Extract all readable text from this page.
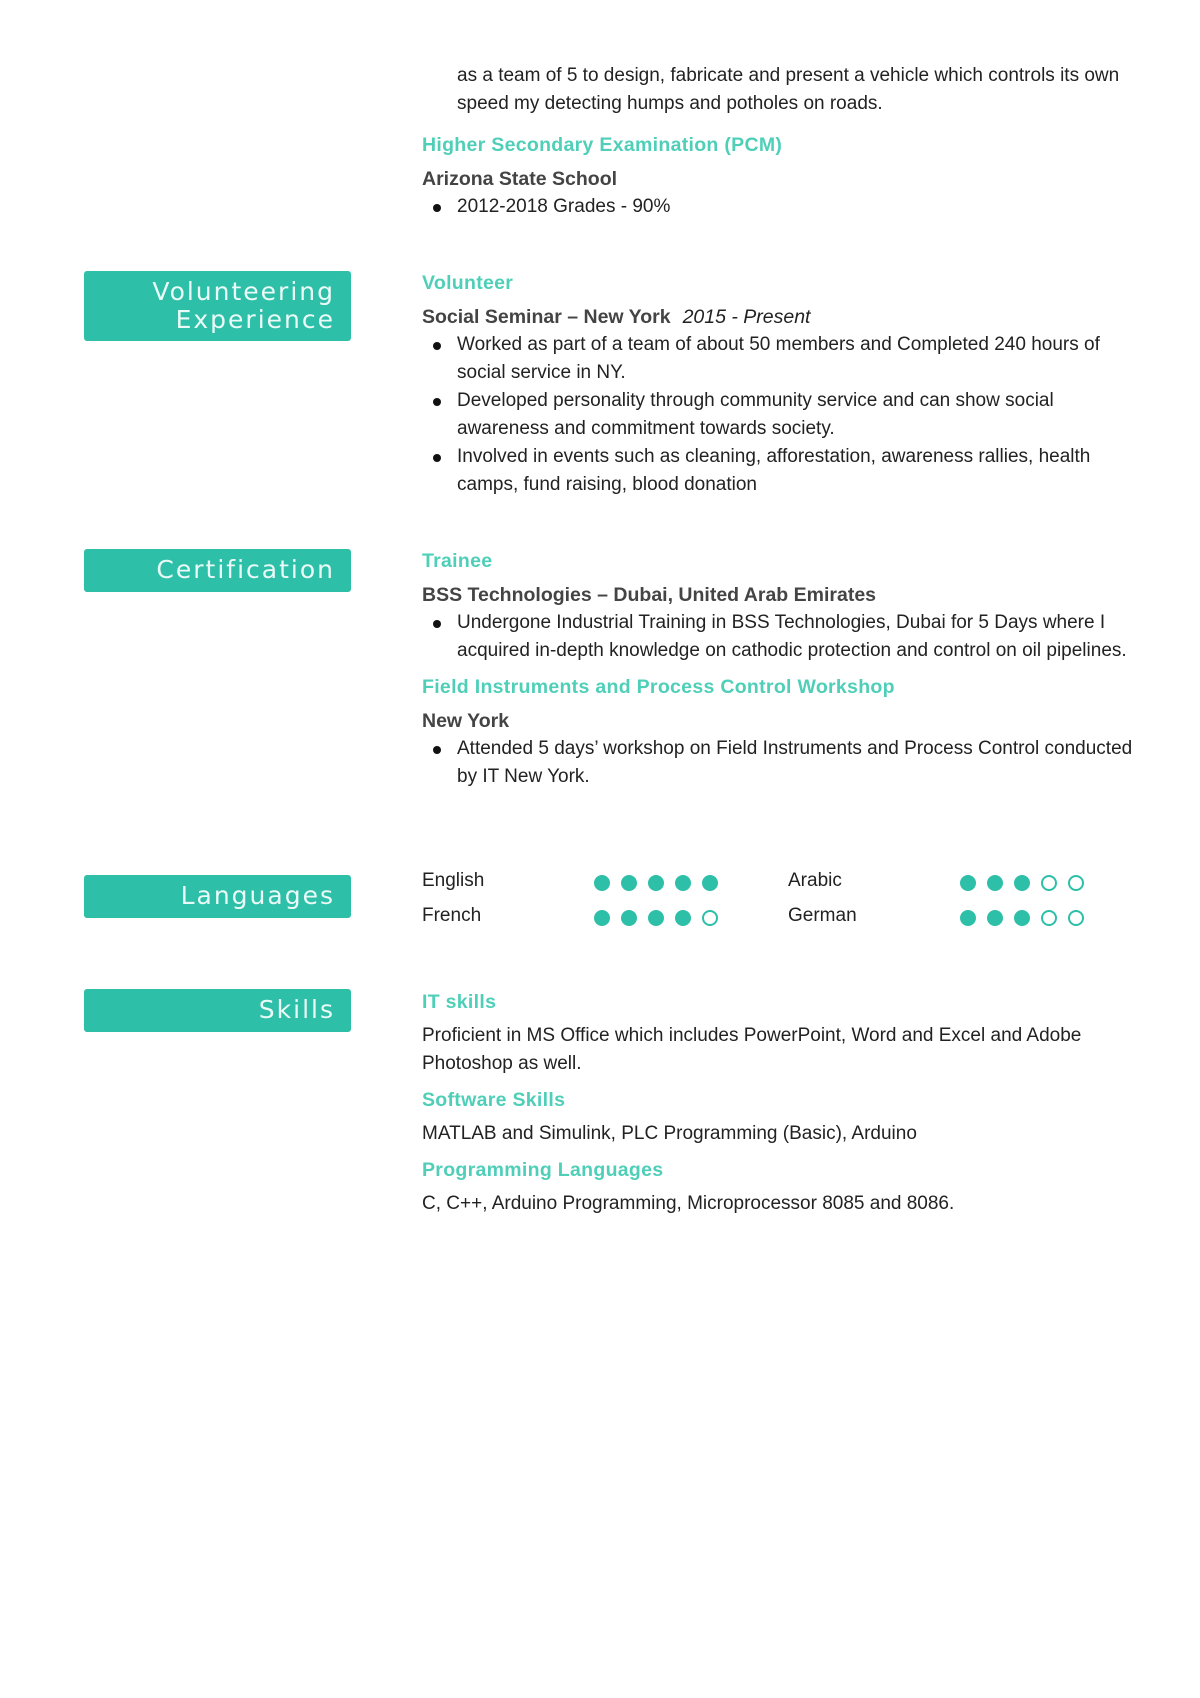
as a team of 5 to design, fabricate and present a vehicle which controls its own speed my detecting humps and potholes on roads.
Higher Secondary Examination (PCM)
Arizona State School
2012-2018 Grades - 90%
Volunteering Experience
Volunteer
Social Seminar – New York 2015 - Present
Worked as part of a team of about 50 members and Completed 240 hours of social service in NY.
Developed personality through community service and can show social awareness and commitment towards society.
Involved in events such as cleaning, afforestation, awareness rallies, health camps, fund raising, blood donation
Certification	Trainee
BSS Technologies – Dubai, United Arab Emirates
Undergone Industrial Training in BSS Technologies, Dubai for 5 Days where I acquired in-depth knowledge on cathodic protection and control on oil pipelines.
Field Instruments and Process Control Workshop
New York
Attended 5 days’ workshop on Field Instruments and Process Control conducted by IT New York.
Languages
English	Arabic
French	German
Skills	IT skills
Proficient in MS Office which includes PowerPoint, Word and Excel and Adobe Photoshop as well.
Software Skills
MATLAB and Simulink, PLC Programming (Basic), Arduino
Programming Languages
C, C++, Arduino Programming, Microprocessor 8085 and 8086.
